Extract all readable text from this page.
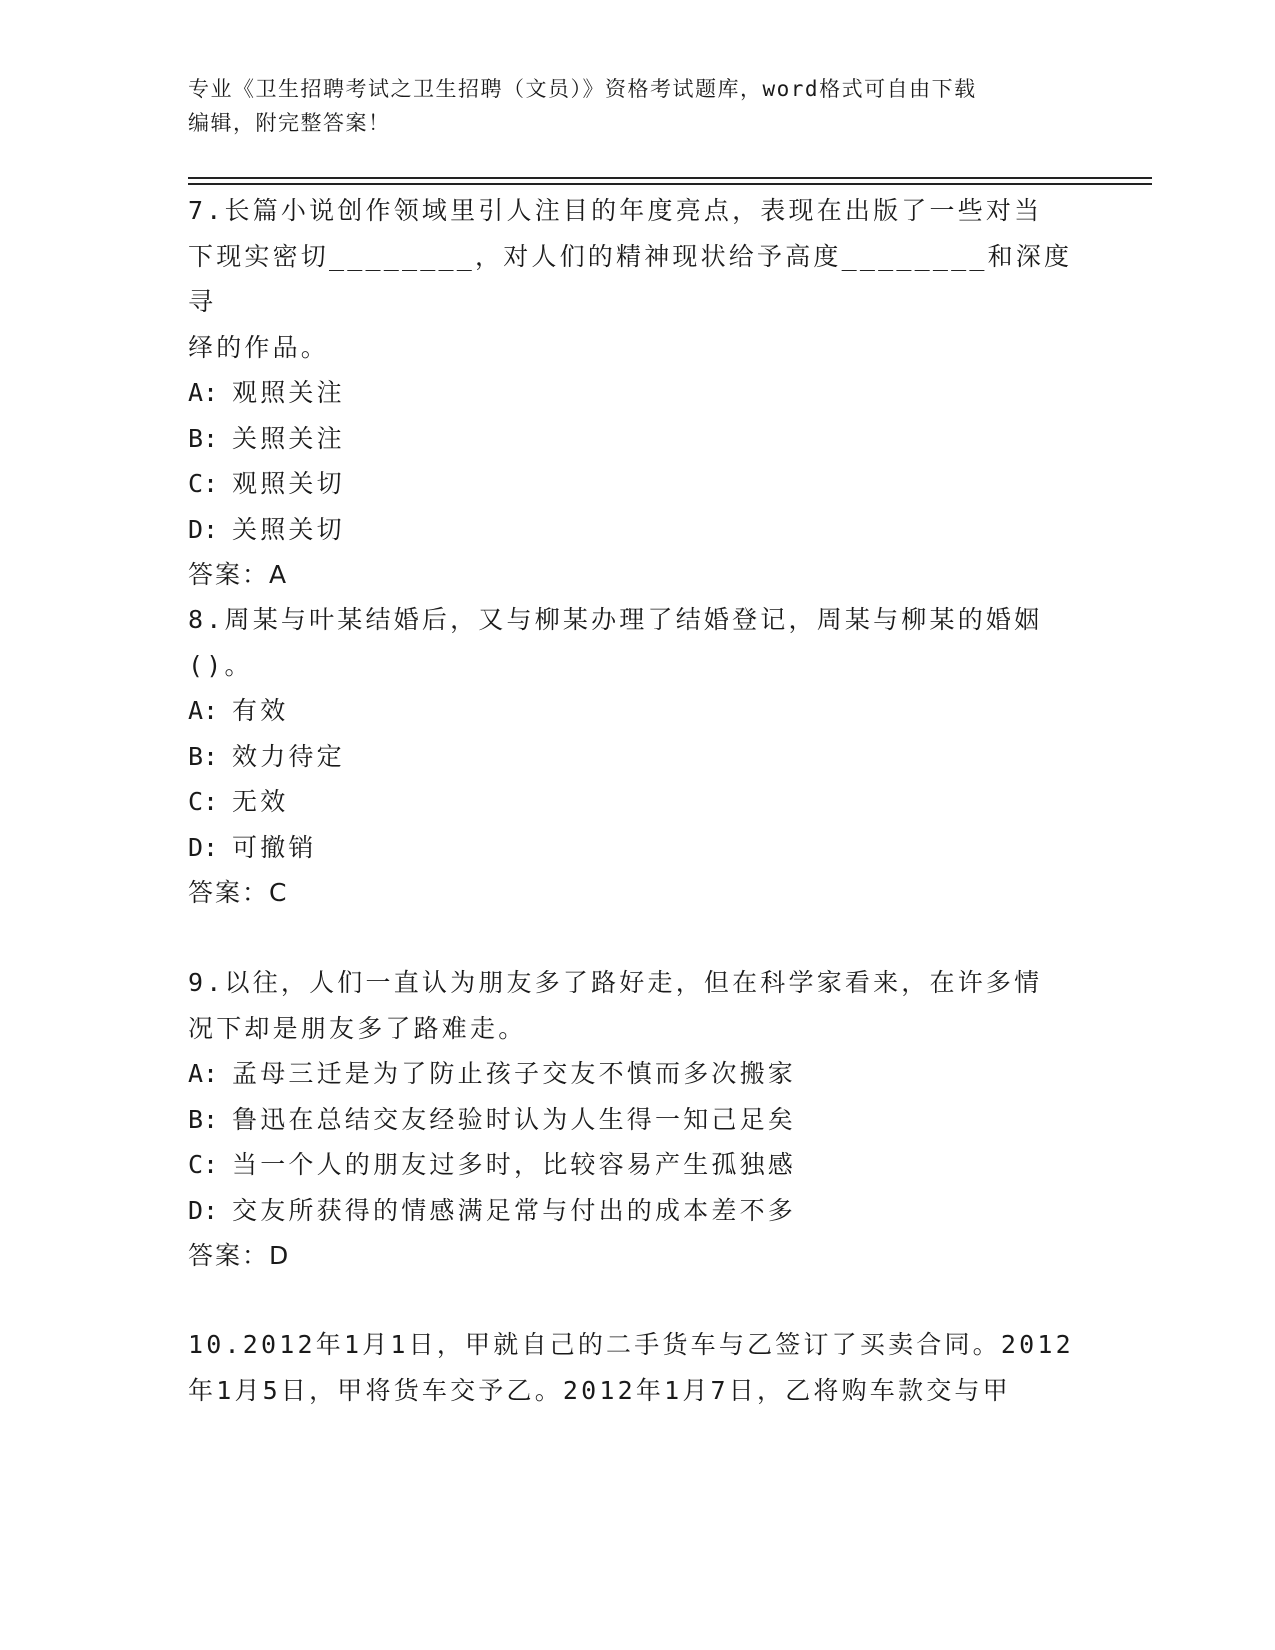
专业《卫生招聘考试之卫生招聘（文员）》资格考试题库，word格式可自由下载
编辑，附完整答案！

7.长篇小说创作领域里引人注目的年度亮点，表现在出版了一些对当

下现实密切________，对人们的精神现状给予高度________和深度寻

绎的作品。

A: 观照关注

B: 关照关注

C: 观照关切

D: 关照关切

答案：A

8.周某与叶某结婚后，又与柳某办理了结婚登记，周某与柳某的婚姻

()。

A: 有效

B: 效力待定

C: 无效

D: 可撤销

答案：C

9.以往，人们一直认为朋友多了路好走，但在科学家看来，在许多情

况下却是朋友多了路难走。

A: 孟母三迁是为了防止孩子交友不慎而多次搬家

B: 鲁迅在总结交友经验时认为人生得一知己足矣

C: 当一个人的朋友过多时，比较容易产生孤独感

D: 交友所获得的情感满足常与付出的成本差不多

答案：D

10.2012年1月1日，甲就自己的二手货车与乙签订了买卖合同。2012

年1月5日，甲将货车交予乙。2012年1月7日，乙将购车款交与甲
